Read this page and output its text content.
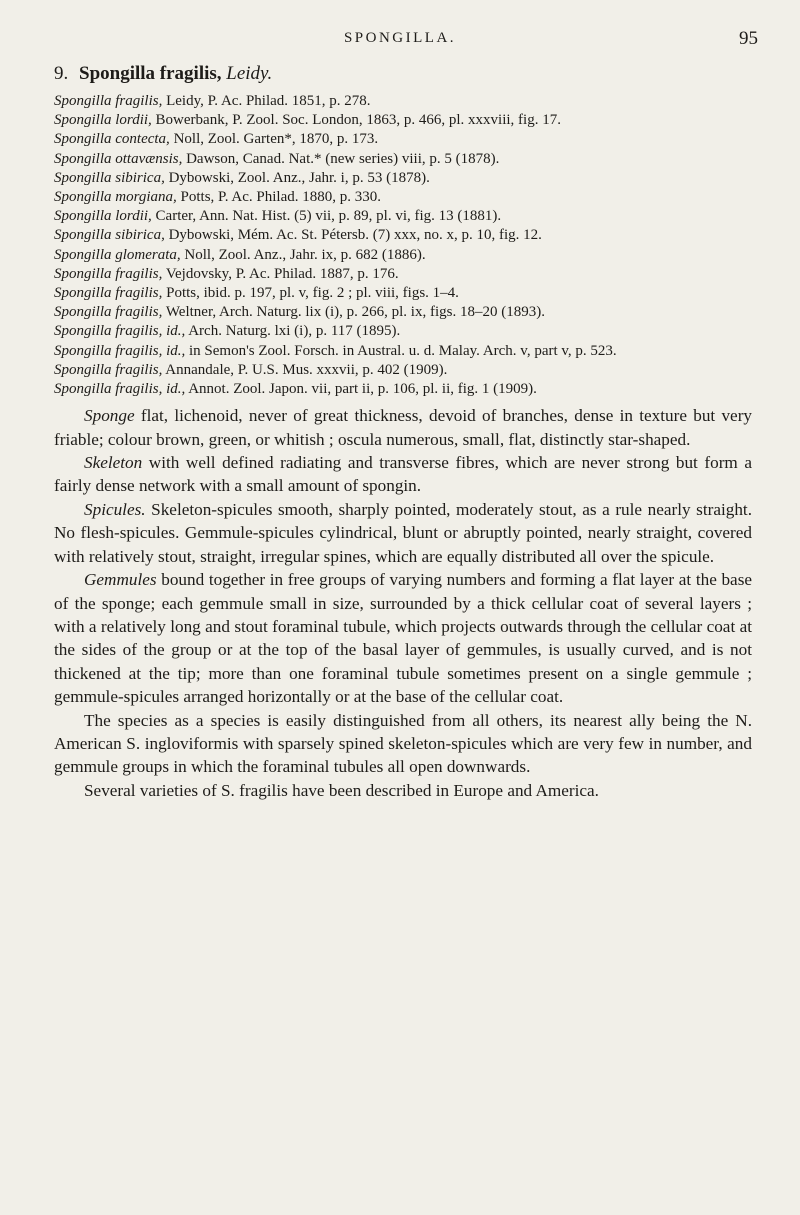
SPONGILLA.	95
9. Spongilla fragilis, Leidy.
Spongilla fragilis, Leidy, P. Ac. Philad. 1851, p. 278.
Spongilla lordii, Bowerbank, P. Zool. Soc. London, 1863, p. 466, pl. xxxviii, fig. 17.
Spongilla contecta, Noll, Zool. Garten*, 1870, p. 173.
Spongilla ottavænsis, Dawson, Canad. Nat.* (new series) viii, p. 5 (1878).
Spongilla sibirica, Dybowski, Zool. Anz., Jahr. i, p. 53 (1878).
Spongilla morgiana, Potts, P. Ac. Philad. 1880, p. 330.
Spongilla lordii, Carter, Ann. Nat. Hist. (5) vii, p. 89, pl. vi, fig. 13 (1881).
Spongilla sibirica, Dybowski, Mém. Ac. St. Pétersb. (7) xxx, no. x, p. 10, fig. 12.
Spongilla glomerata, Noll, Zool. Anz., Jahr. ix, p. 682 (1886).
Spongilla fragilis, Vejdovsky, P. Ac. Philad. 1887, p. 176.
Spongilla fragilis, Potts, ibid. p. 197, pl. v, fig. 2 ; pl. viii, figs. 1–4.
Spongilla fragilis, Weltner, Arch. Naturg. lix (i), p. 266, pl. ix, figs. 18–20 (1893).
Spongilla fragilis, id., Arch. Naturg. lxi (i), p. 117 (1895).
Spongilla fragilis, id., in Semon's Zool. Forsch. in Austral. u. d. Malay. Arch. v, part v, p. 523.
Spongilla fragilis, Annandale, P. U.S. Mus. xxxvii, p. 402 (1909).
Spongilla fragilis, id., Annot. Zool. Japon. vii, part ii, p. 106, pl. ii, fig. 1 (1909).

Sponge flat, lichenoid, never of great thickness, devoid of branches, dense in texture but very friable; colour brown, green, or whitish ; oscula numerous, small, flat, distinctly star-shaped.

Skeleton with well defined radiating and transverse fibres, which are never strong but form a fairly dense network with a small amount of spongin.

Spicules. Skeleton-spicules smooth, sharply pointed, moderately stout, as a rule nearly straight. No flesh-spicules. Gemmule-spicules cylindrical, blunt or abruptly pointed, nearly straight, covered with relatively stout, straight, irregular spines, which are equally distributed all over the spicule.

Gemmules bound together in free groups of varying numbers and forming a flat layer at the base of the sponge; each gemmule small in size, surrounded by a thick cellular coat of several layers ; with a relatively long and stout foraminal tubule, which projects outwards through the cellular coat at the sides of the group or at the top of the basal layer of gemmules, is usually curved, and is not thickened at the tip; more than one foraminal tubule sometimes present on a single gemmule ; gemmule-spicules arranged horizontally or at the base of the cellular coat.

The species as a species is easily distinguished from all others, its nearest ally being the N. American S. ingloviformis with sparsely spined skeleton-spicules which are very few in number, and gemmule groups in which the foraminal tubules all open downwards.

Several varieties of S. fragilis have been described in Europe and America.
